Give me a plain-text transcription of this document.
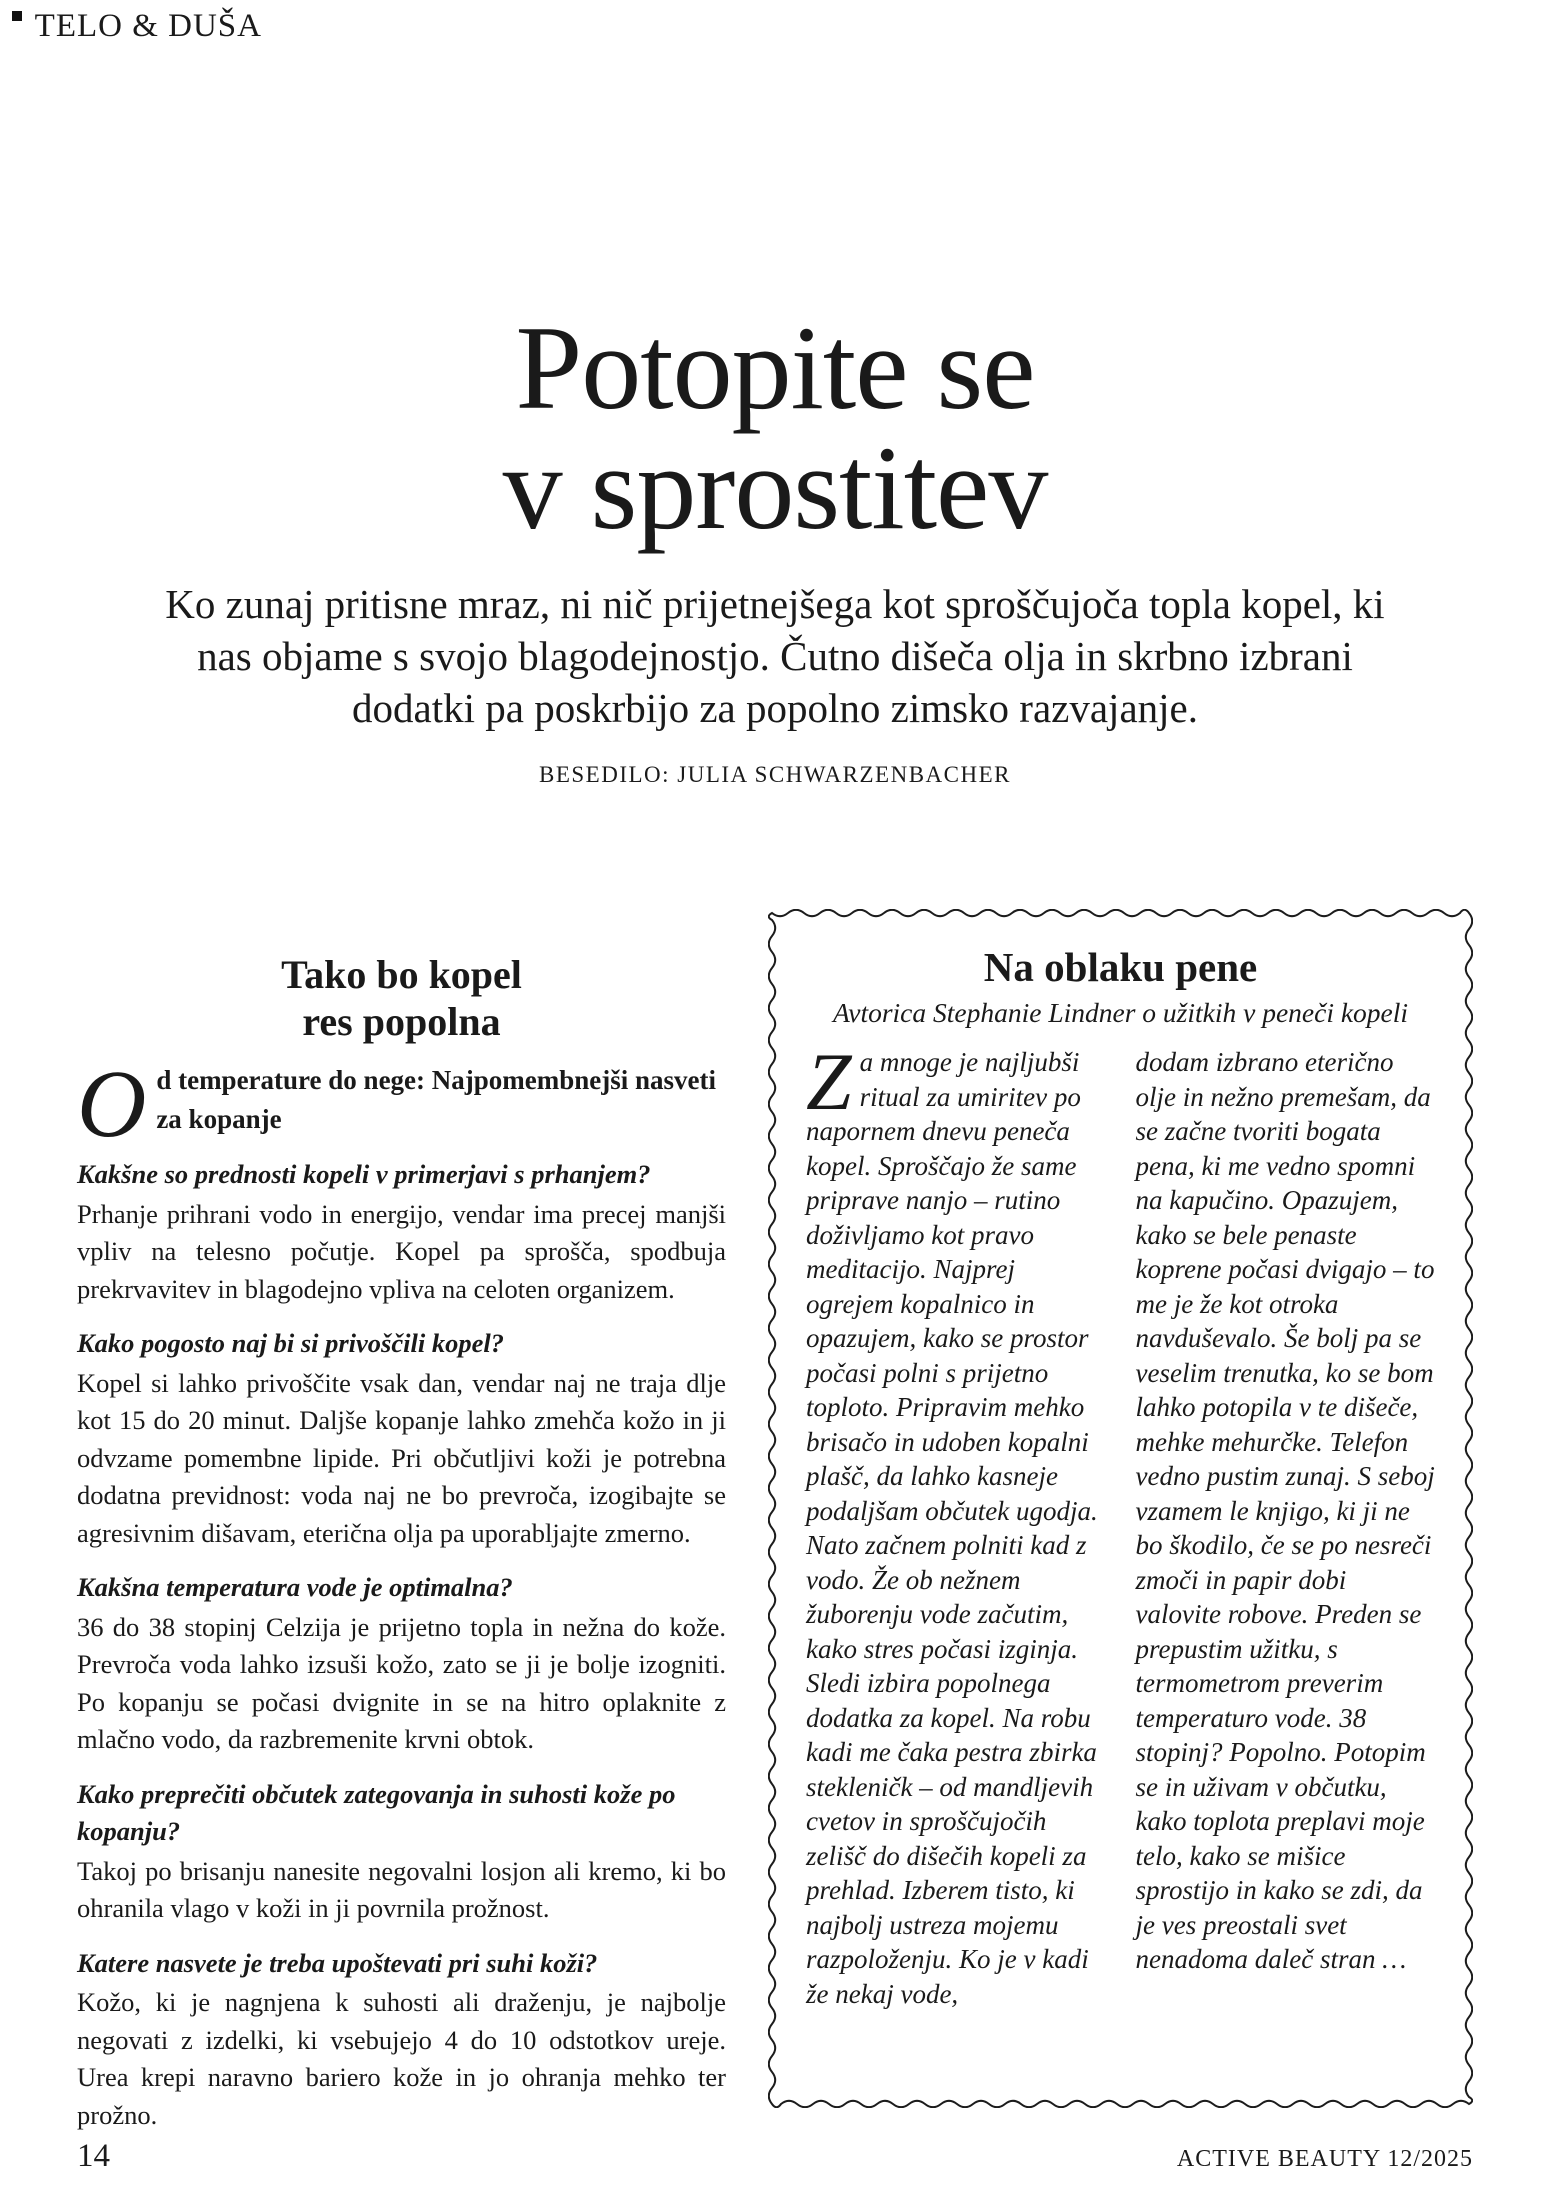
TELO & DUŠA
Potopite se
v sprostitev

Ko zunaj pritisne mraz, ni nič prijetnejšega kot sproščujoča topla kopel, ki nas objame s svojo blagodejnostjo. Čutno dišeča olja in skrbno izbrani dodatki pa poskrbijo za popolno zimsko razvajanje.

BESEDILO: JULIA SCHWARZENBACHER

Tako bo kopel
res popolna

Od temperature do nege: Najpomembnejši nasveti za kopanje

Kakšne so prednosti kopeli v primerjavi s prhanjem?

Prhanje prihrani vodo in energijo, vendar ima precej manjši vpliv na telesno počutje. Kopel pa sprošča, spodbuja prekrvavitev in blagodejno vpliva na celoten organizem.

Kako pogosto naj bi si privoščili kopel?

Kopel si lahko privoščite vsak dan, vendar naj ne traja dlje kot 15 do 20 minut. Daljše kopanje lahko zmehča kožo in ji odvzame pomembne lipide. Pri občutljivi koži je potrebna dodatna previdnost: voda naj ne bo prevroča, izogibajte se agresivnim dišavam, eterična olja pa uporabljajte zmerno.

Kakšna temperatura vode je optimalna?

36 do 38 stopinj Celzija je prijetno topla in nežna do kože. Prevroča voda lahko izsuši kožo, zato se ji je bolje izogniti. Po kopanju se počasi dvignite in se na hitro oplaknite z mlačno vodo, da razbremenite krvni obtok.

Kako preprečiti občutek zategovanja in suhosti kože po kopanju?

Takoj po brisanju nanesite negovalni losjon ali kremo, ki bo ohranila vlago v koži in ji povrnila prožnost.

Katere nasvete je treba upoštevati pri suhi koži?

Kožo, ki je nagnjena k suhosti ali draženju, je najbolje negovati z izdelki, ki vsebujejo 4 do 10 odstotkov ureje. Urea krepi naravno bariero kože in jo ohranja mehko ter prožno.

Na oblaku pene

Avtorica Stephanie Lindner o užitkih v peneči kopeli

Za mnoge je najljubši ritual za umiritev po napornem dnevu peneča kopel. Sproščajo že same priprave nanjo – rutino doživljamo kot pravo meditacijo. Najprej ogrejem kopalnico in opazujem, kako se prostor počasi polni s prijetno toploto. Pripravim mehko brisačo in udoben kopalni plašč, da lahko kasneje podaljšam občutek ugodja. Nato začnem polniti kad z vodo. Že ob nežnem žuborenju vode začutim, kako stres počasi izginja. Sledi izbira popolnega dodatka za kopel. Na robu kadi me čaka pestra zbirka stekleničk – od mandljevih cvetov in sproščujočih zelišč do dišečih kopeli za prehlad. Izberem tisto, ki najbolj ustreza mojemu razpoloženju. Ko je v kadi že nekaj vode,
dodam izbrano eterično olje in nežno premešam, da se začne tvoriti bogata pena, ki me vedno spomni na kapučino. Opazujem, kako se bele penaste koprene počasi dvigajo – to me je že kot otroka navduševalo. Še bolj pa se veselim trenutka, ko se bom lahko potopila v te dišeče, mehke mehurčke. Telefon vedno pustim zunaj. S seboj vzamem le knjigo, ki ji ne bo škodilo, če se po nesreči zmoči in papir dobi valovite robove. Preden se prepustim užitku, s termometrom preverim temperaturo vode. 38 stopinj? Popolno. Potopim se in uživam v občutku, kako toplota preplavi moje telo, kako se mišice sprostijo in kako se zdi, da je ves preostali svet nenadoma daleč stran …
14	ACTIVE BEAUTY 12/2025
